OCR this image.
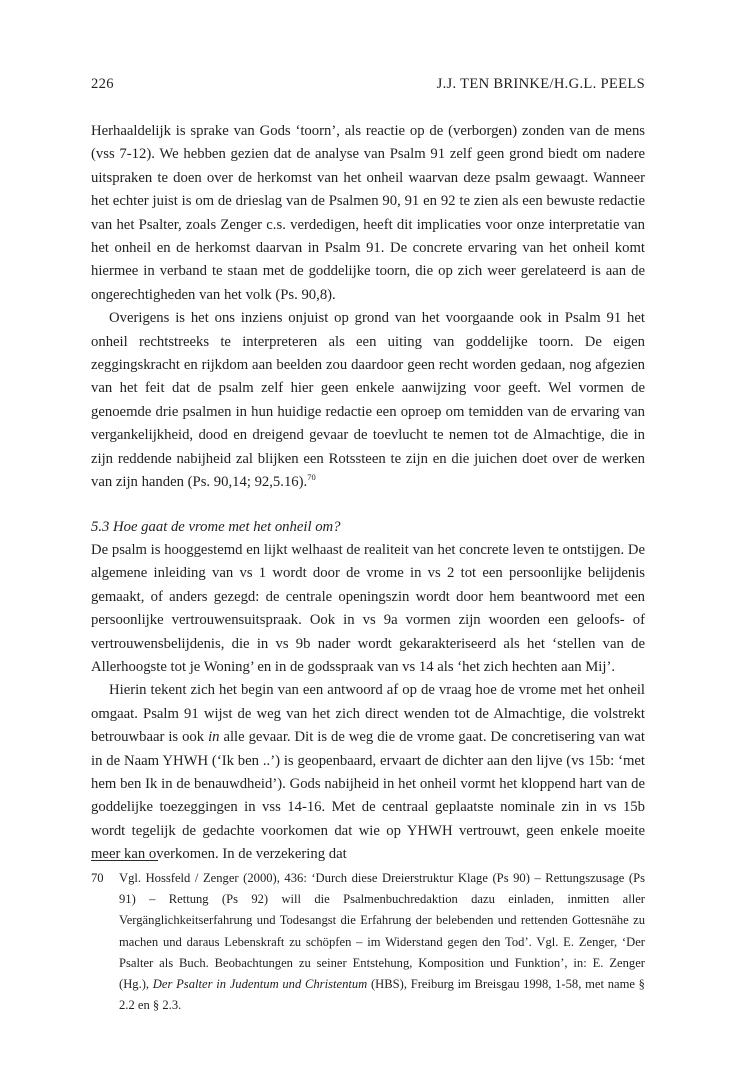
226	J.J. TEN BRINKE/H.G.L. PEELS

Herhaaldelijk is sprake van Gods ‘toorn’, als reactie op de (verborgen) zonden van de mens (vss 7-12). We hebben gezien dat de analyse van Psalm 91 zelf geen grond biedt om nadere uitspraken te doen over de herkomst van het onheil waarvan deze psalm gewaagt. Wanneer het echter juist is om de drieslag van de Psalmen 90, 91 en 92 te zien als een bewuste redactie van het Psalter, zoals Zenger c.s. verdedigen, heeft dit implicaties voor onze interpretatie van het onheil en de herkomst daarvan in Psalm 91. De concrete ervaring van het onheil komt hiermee in verband te staan met de goddelijke toorn, die op zich weer gerelateerd is aan de ongerechtigheden van het volk (Ps. 90,8).

Overigens is het ons inziens onjuist op grond van het voorgaande ook in Psalm 91 het onheil rechtstreeks te interpreteren als een uiting van goddelijke toorn. De eigen zeggingskracht en rijkdom aan beelden zou daardoor geen recht worden gedaan, nog afgezien van het feit dat de psalm zelf hier geen enkele aanwijzing voor geeft. Wel vormen de genoemde drie psalmen in hun huidige redactie een oproep om temidden van de ervaring van vergankelijkheid, dood en dreigend gevaar de toevlucht te nemen tot de Almachtige, die in zijn reddende nabijheid zal blijken een Rotssteen te zijn en die juichen doet over de werken van zijn handen (Ps. 90,14; 92,5.16).$^{70}$

5.3 Hoe gaat de vrome met het onheil om?

De psalm is hooggestemd en lijkt welhaast de realiteit van het concrete leven te ontstijgen. De algemene inleiding van vs 1 wordt door de vrome in vs 2 tot een persoonlijke belijdenis gemaakt, of anders gezegd: de centrale openingszin wordt door hem beantwoord met een persoonlijke vertrouwensuitspraak. Ook in vs 9a vormen zijn woorden een geloofs- of vertrouwensbelijdenis, die in vs 9b nader wordt gekarakteriseerd als het ‘stellen van de Allerhoogste tot je Woning’ en in de godsspraak van vs 14 als ‘het zich hechten aan Mij’.

Hierin tekent zich het begin van een antwoord af op de vraag hoe de vrome met het onheil omgaat. Psalm 91 wijst de weg van het zich direct wenden tot de Almachtige, die volstrekt betrouwbaar is ook in alle gevaar. Dit is de weg die de vrome gaat. De concretisering van wat in de Naam YHWH (‘Ik ben ..’) is geopenbaard, ervaart de dichter aan den lijve (vs 15b: ‘met hem ben Ik in de benauwdheid’). Gods nabijheid in het onheil vormt het kloppend hart van de goddelijke toezeggingen in vss 14-16. Met de centraal geplaatste nominale zin in vs 15b wordt tegelijk de gedachte voorkomen dat wie op YHWH vertrouwt, geen enkele moeite meer kan overkomen. In de verzekering dat

70	Vgl. Hossfeld / Zenger (2000), 436: ‘Durch diese Dreierstruktur Klage (Ps 90) – Rettungszusage (Ps 91) – Rettung (Ps 92) will die Psalmenbuchredaktion dazu einladen, inmitten aller Vergänglichkeitserfahrung und Todesangst die Erfahrung der belebenden und rettenden Gottesnähe zu machen und daraus Lebenskraft zu schöpfen – im Widerstand gegen den Tod’. Vgl. E. Zenger, ‘Der Psalter als Buch. Beobachtungen zu seiner Entstehung, Komposition und Funktion’, in: E. Zenger (Hg.), Der Psalter in Judentum und Christentum (HBS), Freiburg im Breisgau 1998, 1-58, met name § 2.2 en § 2.3.
